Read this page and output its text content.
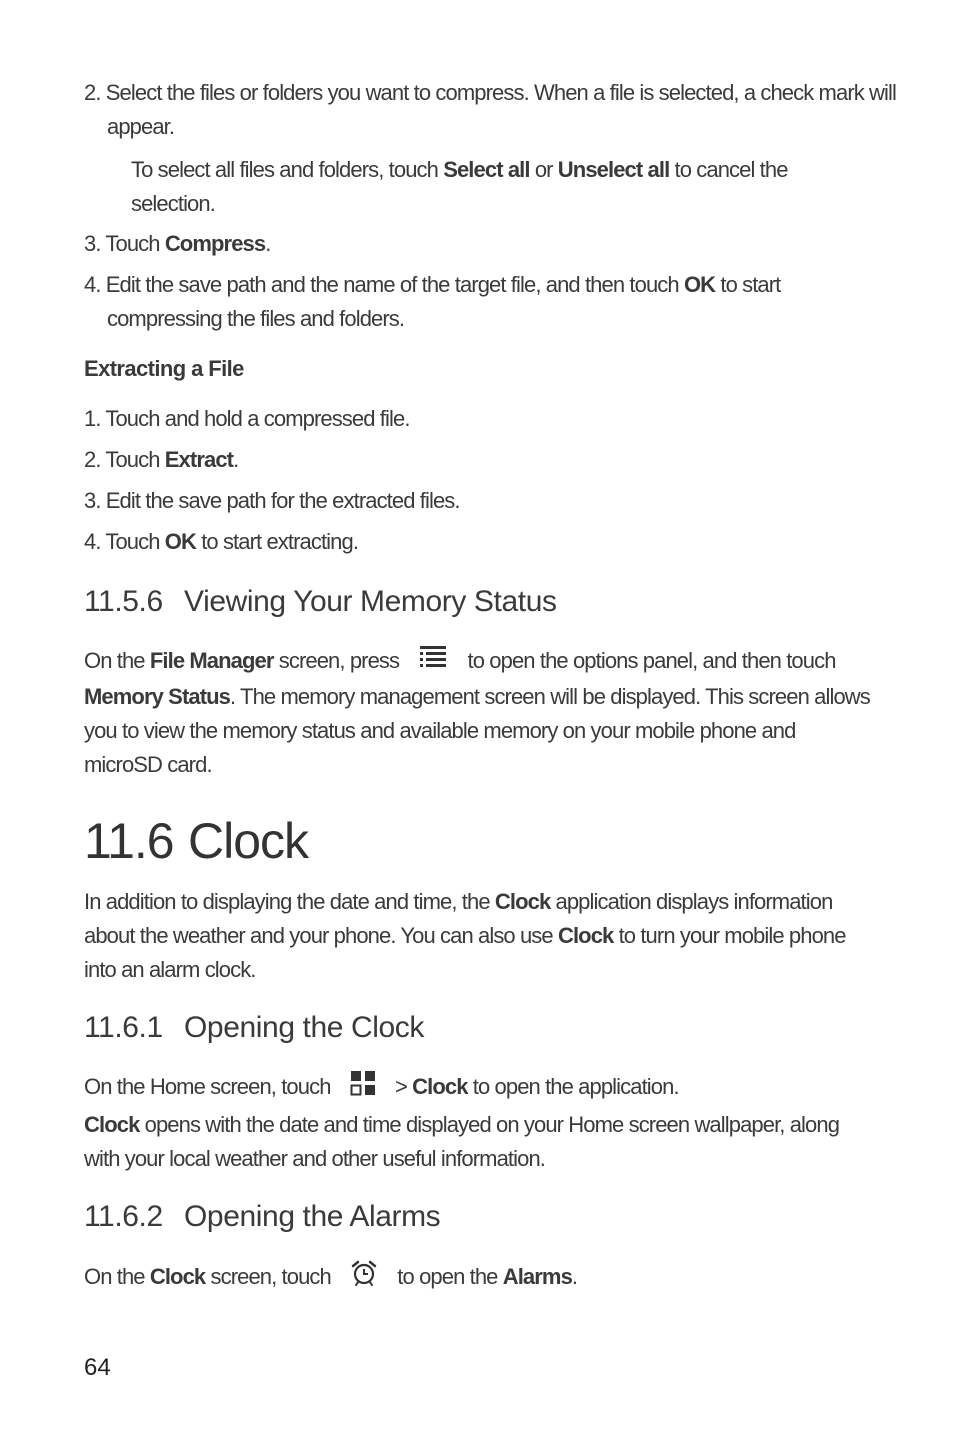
2. Select the files or folders you want to compress. When a file is selected, a check mark will appear.

To select all files and folders, touch Select all or Unselect all to cancel the selection.

3. Touch Compress.

4. Edit the save path and the name of the target file, and then touch OK to start compressing the files and folders.

Extracting a File

1. Touch and hold a compressed file.

2. Touch Extract.

3. Edit the save path for the extracted files.

4. Touch OK to start extracting.

11.5.6 Viewing Your Memory Status

On the File Manager screen, press	to open the options panel, and then touch Memory Status. The memory management screen will be displayed. This screen allows you to view the memory status and available memory on your mobile phone and microSD card.

11.6 Clock

In addition to displaying the date and time, the Clock application displays information about the weather and your phone. You can also use Clock to turn your mobile phone into an alarm clock.

11.6.1 Opening the Clock

On the Home screen, touch  > Clock to open the application.

Clock opens with the date and time displayed on your Home screen wallpaper, along with your local weather and other useful information.

11.6.2 Opening the Alarms

On the Clock screen, touch	to open the Alarms.

64
